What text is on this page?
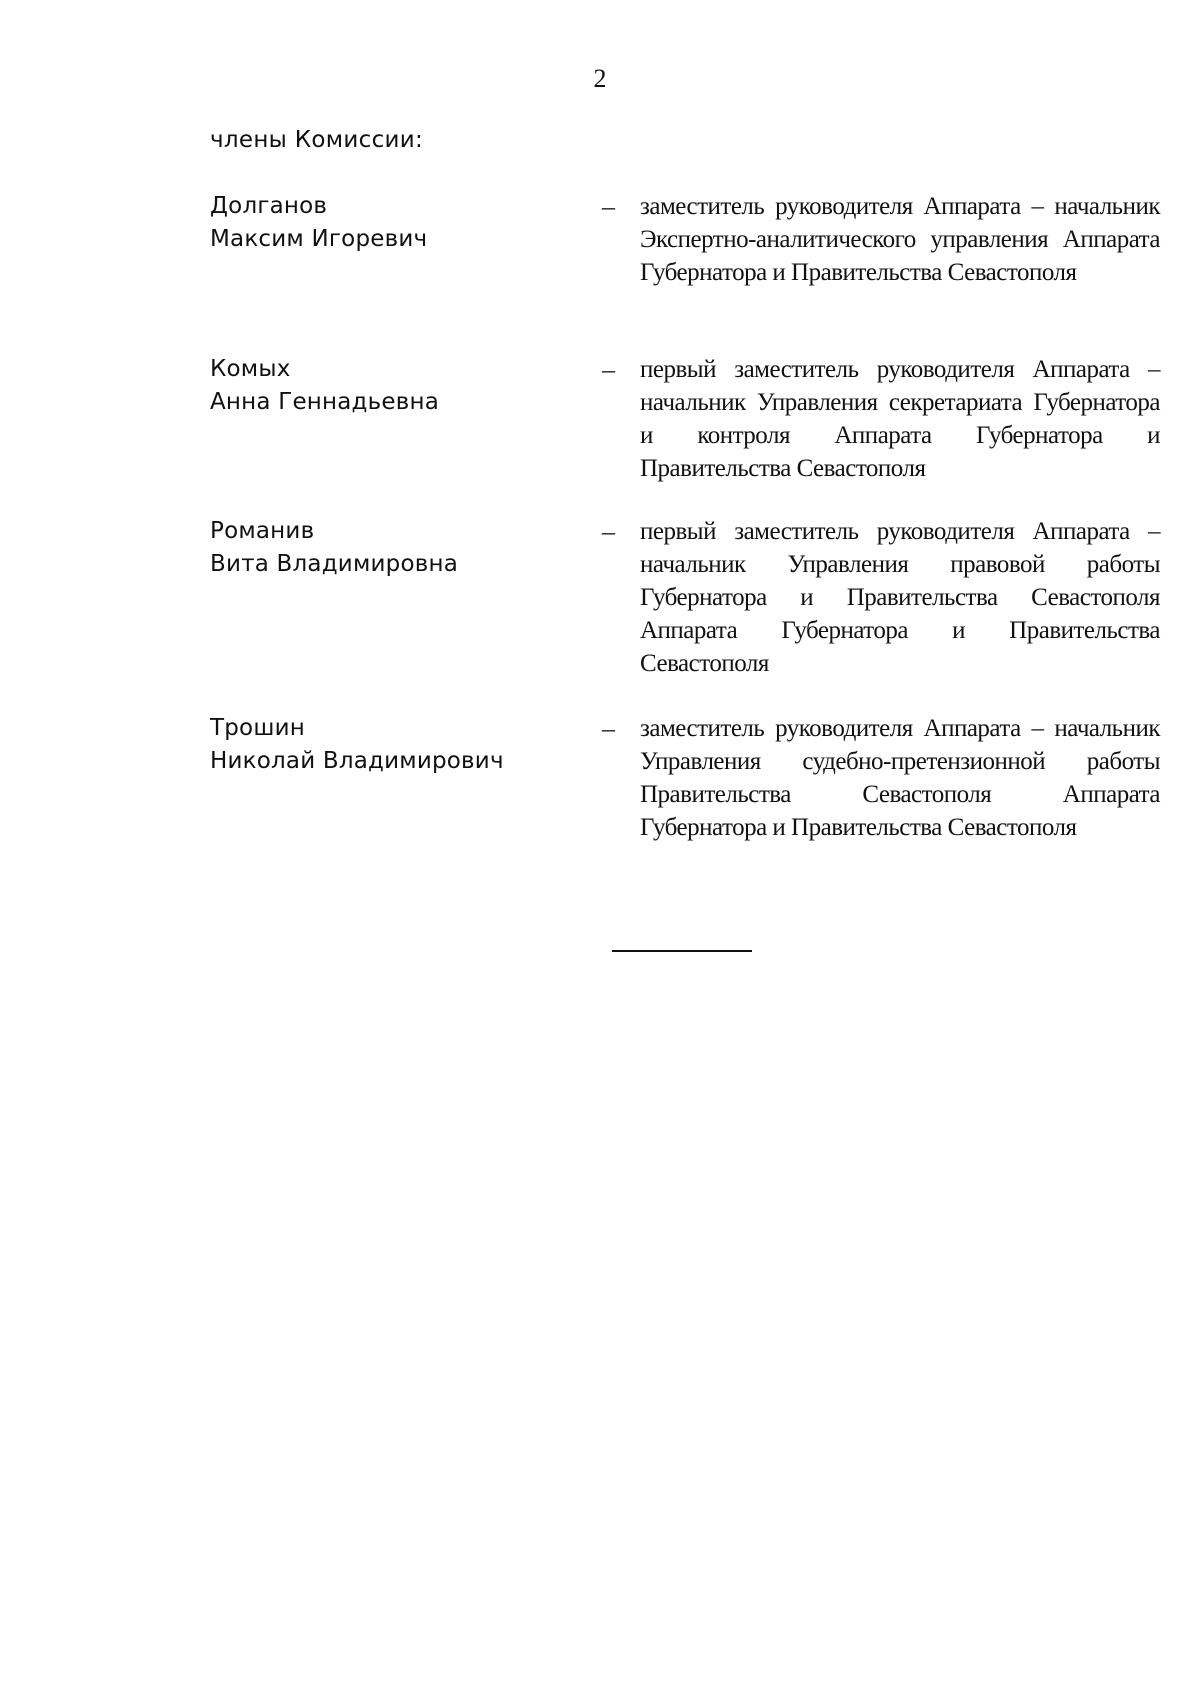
2
члены Комиссии:
Долганов
Максим Игоревич
– заместитель руководителя Аппарата – начальник Экспертно-аналитического управления Аппарата Губернатора и Правительства Севастополя
Комых
Анна Геннадьевна
– первый заместитель руководителя Аппарата – начальник Управления секретариата Губернатора и контроля Аппарата Губернатора и Правительства Севастополя
Романив
Вита Владимировна
– первый заместитель руководителя Аппарата – начальник Управления правовой работы Губернатора и Правительства Севастополя Аппарата Губернатора и Правительства Севастополя
Трошин
Николай Владимирович
– заместитель руководителя Аппарата – начальник Управления судебно-претензионной работы Правительства Севастополя Аппарата Губернатора и Правительства Севастополя
